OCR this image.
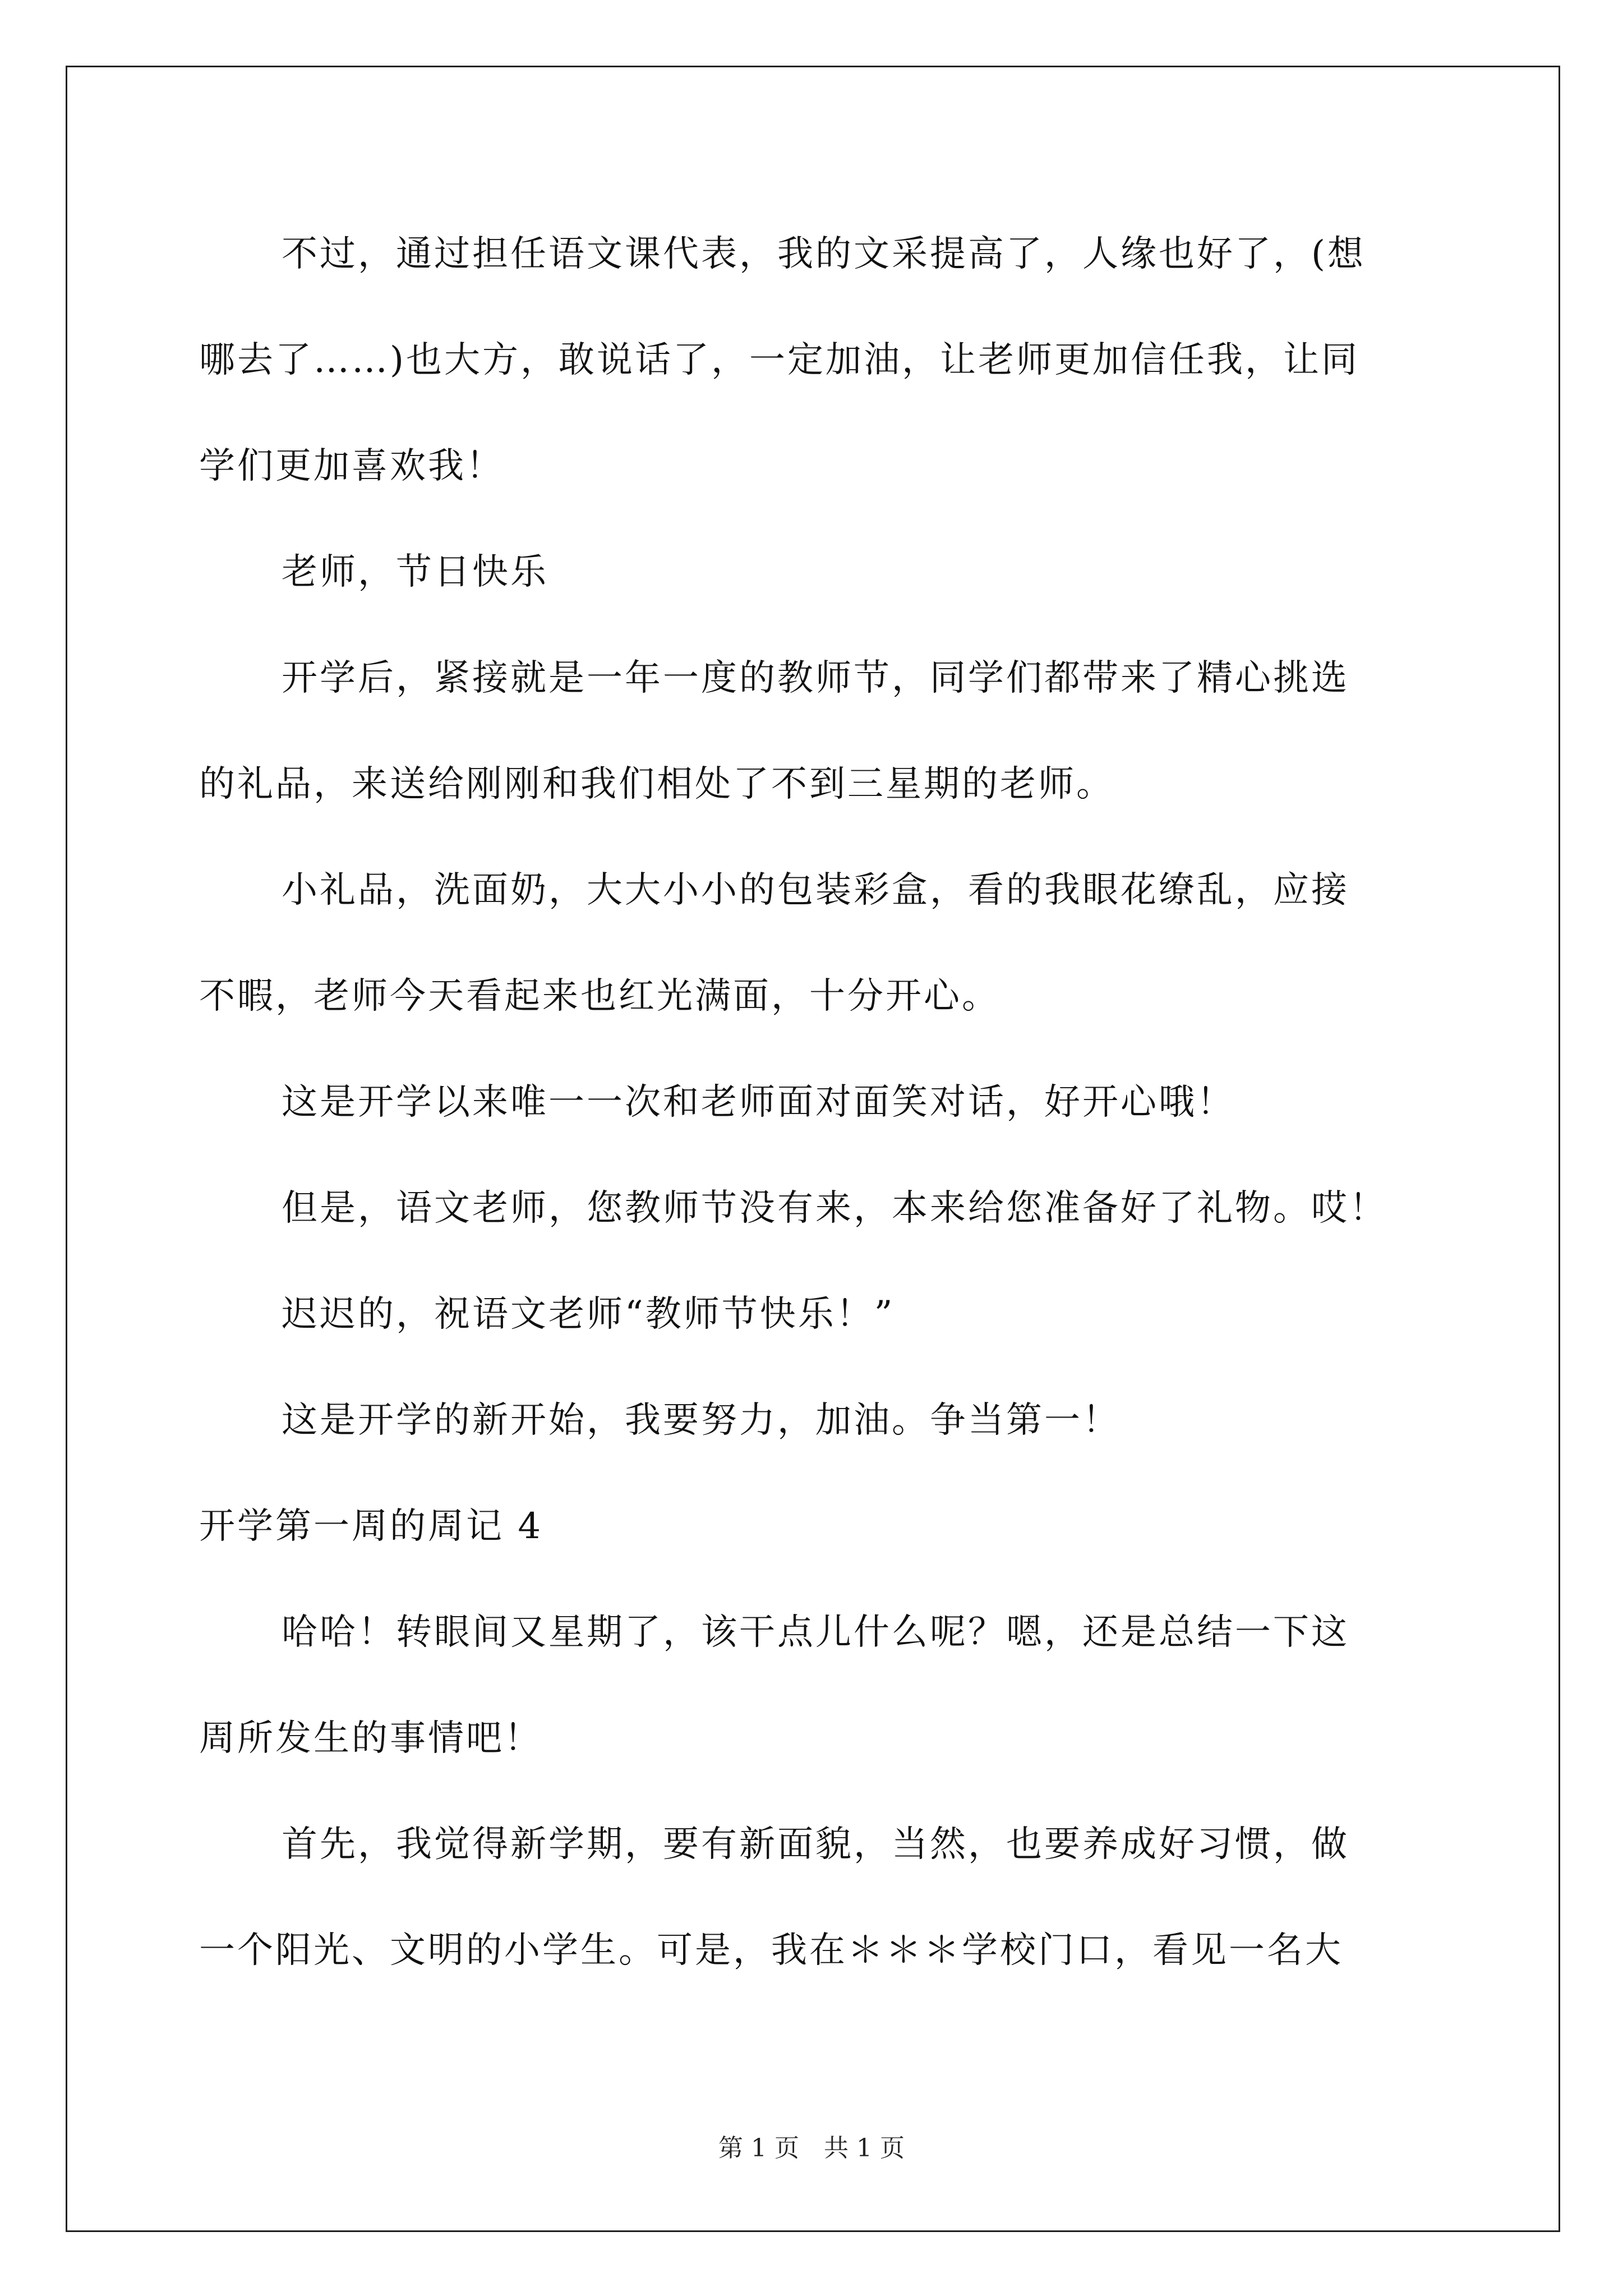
不过，通过担任语文课代表，我的文采提高了，人缘也好了，(想
哪去了……)也大方，敢说话了，一定加油，让老师更加信任我，让同
学们更加喜欢我！
老师，节日快乐
开学后，紧接就是一年一度的教师节，同学们都带来了精心挑选
的礼品，来送给刚刚和我们相处了不到三星期的老师。
小礼品，洗面奶，大大小小的包装彩盒，看的我眼花缭乱，应接
不暇，老师今天看起来也红光满面，十分开心。
这是开学以来唯一一次和老师面对面笑对话，好开心哦！
但是，语文老师，您教师节没有来，本来给您准备好了礼物。哎！
迟迟的，祝语文老师“教师节快乐！”
这是开学的新开始，我要努力，加油。争当第一！
开学第一周的周记 4
哈哈！转眼间又星期了，该干点儿什么呢？嗯，还是总结一下这
周所发生的事情吧！
首先，我觉得新学期，要有新面貌，当然，也要养成好习惯，做
一个阳光、文明的小学生。可是，我在＊＊＊学校门口，看见一名大
第 1 页　共 1 页
